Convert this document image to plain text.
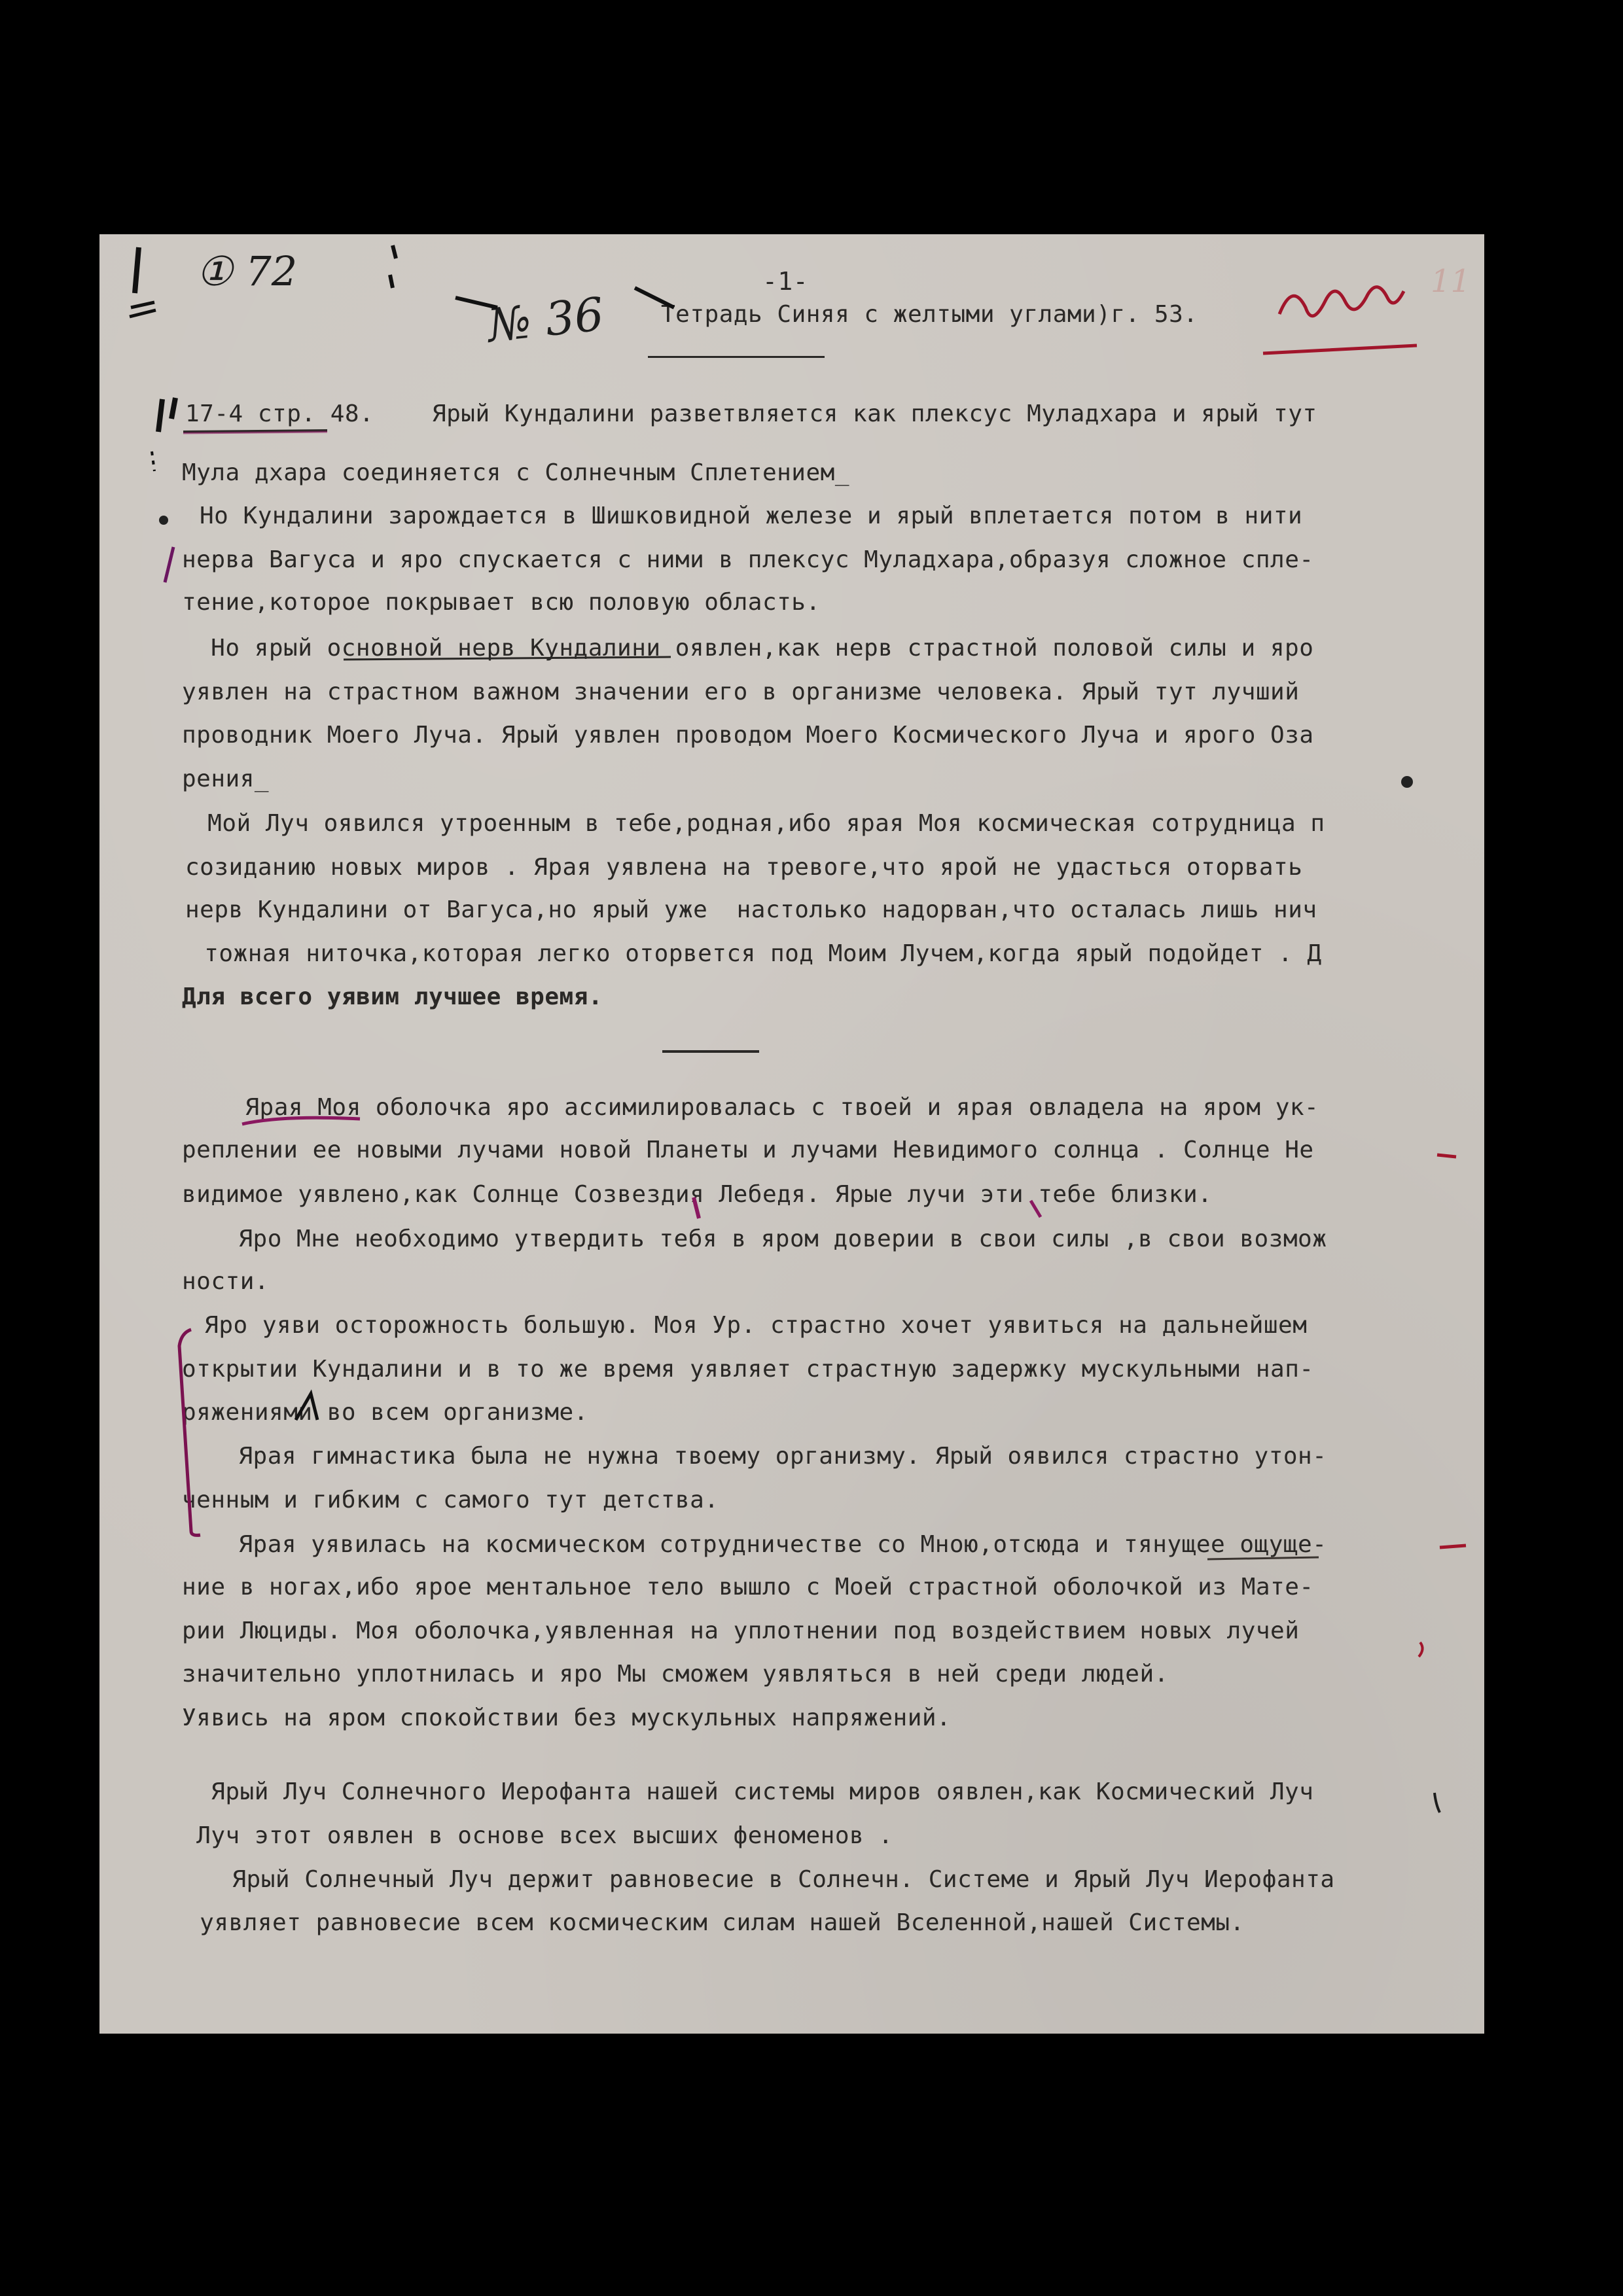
① 72	-1-
№ 36 Тетрадь Синяя с желтыми углами)г. 53.
11
17-4 стр. 48.    Ярый Кундалини разветвляется как плексус Муладхара и ярый тут
Мула дхара соединяется с Солнечным Сплетением_
Но Кундалини зарождается в Шишковидной железе и ярый вплетается потом в нити
нерва Вагуса и яро спускается с ними в плексус Муладхара,образуя сложное спле-
тение,которое покрывает всю половую область.
Но ярый основной нерв Кундалини оявлен,как нерв страстной половой силы и яро
уявлен на страстном важном значении его в организме человека. Ярый тут лучший
проводник Моего Луча. Ярый уявлен проводом Моего Космического Луча и ярого Оза
рения_
Мой Луч оявился утроенным в тебе,родная,ибо ярая Моя космическая сотрудница п
созиданию новых миров . Ярая уявлена на тревоге,что ярой не удасться оторвать
нерв Кундалини от Вагуса,но ярый уже  настолько надорван,что осталась лишь нич
тожная ниточка,которая легко оторвется под Моим Лучем,когда ярый подойдет . Д
Для всего уявим лучшее время.
Ярая Моя оболочка яро ассимилировалась с твоей и ярая овладела на яром ук-
реплении ее новыми лучами новой Планеты и лучами Невидимого солнца . Солнце Не
видимое уявлено,как Солнце Созвездия Лебедя. Ярые лучи эти тебе близки.
Яро Мне необходимо утвердить тебя в яром доверии в свои силы ,в свои возмож
ности.
Яро уяви осторожность большую. Моя Ур. страстно хочет уявиться на дальнейшем
открытии Кундалини и в то же время уявляет страстную задержку мускульными нап-
ряжениями во всем организме.
Ярая гимнастика была не нужна твоему организму. Ярый оявился страстно утон-
ченным и гибким с самого тут детства.
Ярая уявилась на космическом сотрудничестве со Мною,отсюда и тянущее ощуще-
ние в ногах,ибо ярое ментальное тело вышло с Моей страстной оболочкой из Мате-
рии Люциды. Моя оболочка,уявленная на уплотнении под воздействием новых лучей
значительно уплотнилась и яро Мы сможем уявляться в ней среди людей.
Уявись на яром спокойствии без мускульных напряжений.
Ярый Луч Солнечного Иерофанта нашей системы миров оявлен,как Космический Луч
Луч этот оявлен в основе всех высших феноменов .
Ярый Солнечный Луч держит равновесие в Солнечн. Системе и Ярый Луч Иерофанта
уявляет равновесие всем космическим силам нашей Вселенной,нашей Системы.
